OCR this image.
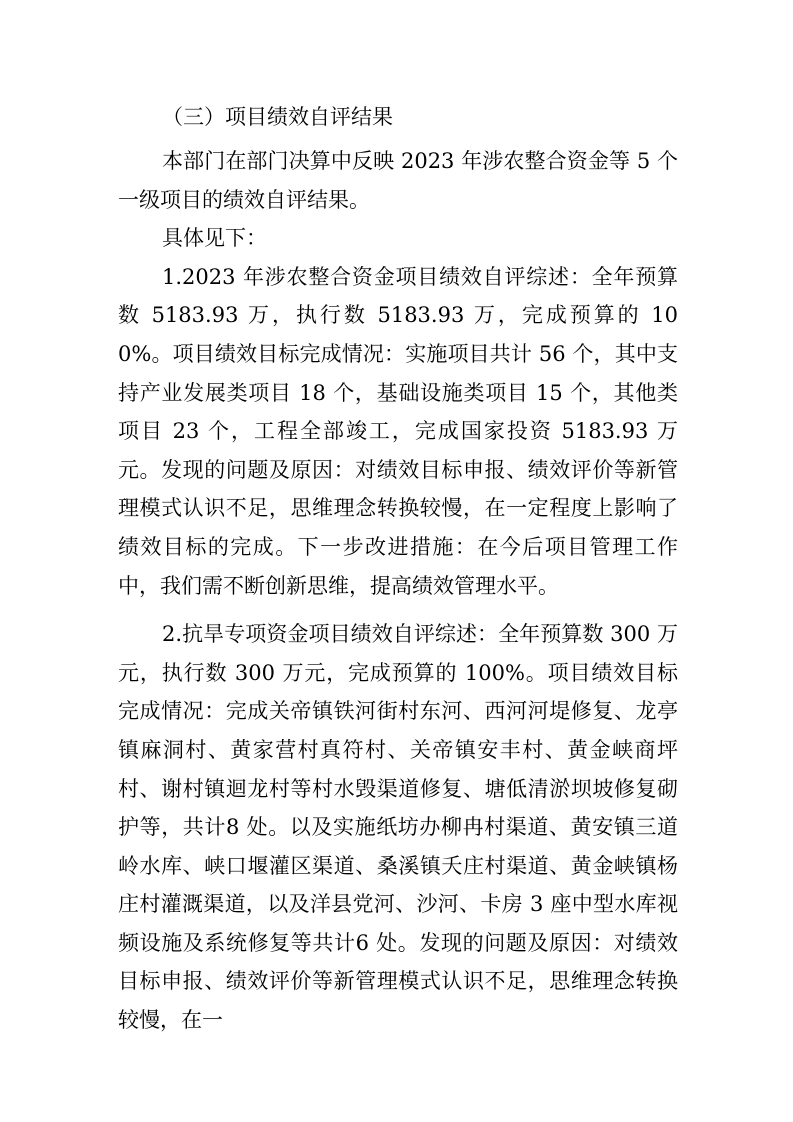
（三）项目绩效自评结果

本部门在部门决算中反映 2023 年涉农整合资金等 5 个一级项目的绩效自评结果。

具体见下：

1.2023 年涉农整合资金项目绩效自评综述：全年预算数 5183.93 万，执行数 5183.93 万，完成预算的 100%。项目绩效目标完成情况：实施项目共计 56 个，其中支持产业发展类项目 18 个，基础设施类项目 15 个，其他类项目 23 个，工程全部竣工，完成国家投资 5183.93 万元。发现的问题及原因：对绩效目标申报、绩效评价等新管理模式认识不足，思维理念转换较慢，在一定程度上影响了绩效目标的完成。下一步改进措施：在今后项目管理工作中，我们需不断创新思维，提高绩效管理水平。

2.抗旱专项资金项目绩效自评综述：全年预算数 300 万元，执行数 300 万元，完成预算的 100%。项目绩效目标完成情况：完成关帝镇铁河街村东河、西河河堤修复、龙亭镇麻洞村、黄家营村真符村、关帝镇安丰村、黄金峡商坪村、谢村镇迴龙村等村水毁渠道修复、塘低清淤坝坡修复砌护等，共计8 处。以及实施纸坊办柳冉村渠道、黄安镇三道岭水库、峡口堰灌区渠道、桑溪镇夭庄村渠道、黄金峡镇杨庄村灌溉渠道，以及洋县党河、沙河、卡房 3 座中型水库视频设施及系统修复等共计6 处。发现的问题及原因：对绩效目标申报、绩效评价等新管理模式认识不足，思维理念转换较慢，在一
